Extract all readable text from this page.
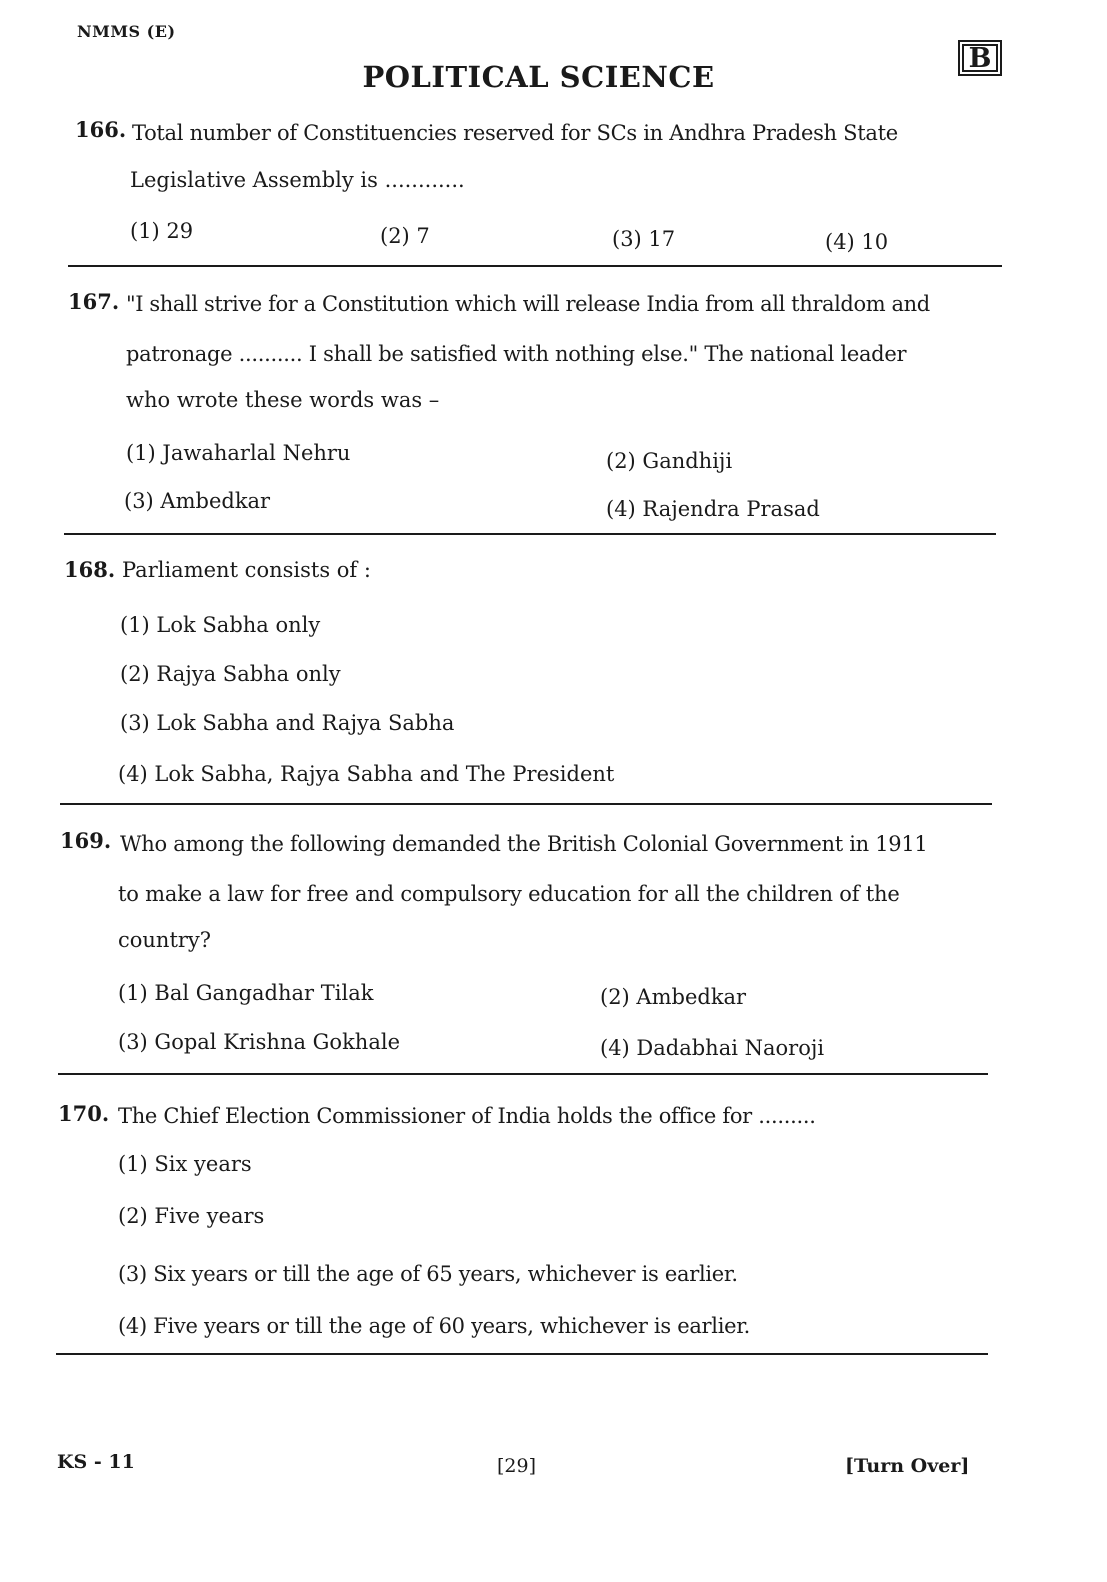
NMMS (E)
POLITICAL SCIENCE
B
166. Total number of Constituencies reserved for SCs in Andhra Pradesh State
Legislative Assembly is ............
(1) 29	(2) 7	(3) 17	(4) 10
167. "I shall strive for a Constitution which will release India from all thraldom and
patronage .......... I shall be satisfied with nothing else." The national leader
who wrote these words was –
(1) Jawaharlal Nehru	(2) Gandhiji
(3) Ambedkar	(4) Rajendra Prasad
168. Parliament consists of :
(1) Lok Sabha only
(2) Rajya Sabha only
(3) Lok Sabha and Rajya Sabha
(4) Lok Sabha, Rajya Sabha and The President
169. Who among the following demanded the British Colonial Government in 1911
to make a law for free and compulsory education for all the children of the
country?
(1) Bal Gangadhar Tilak	(2) Ambedkar
(3) Gopal Krishna Gokhale	(4) Dadabhai Naoroji
170. The Chief Election Commissioner of India holds the office for .........
(1) Six years
(2) Five years
(3) Six years or till the age of 65 years, whichever is earlier.
(4) Five years or till the age of 60 years, whichever is earlier.
KS - 11	[29]	[Turn Over]
